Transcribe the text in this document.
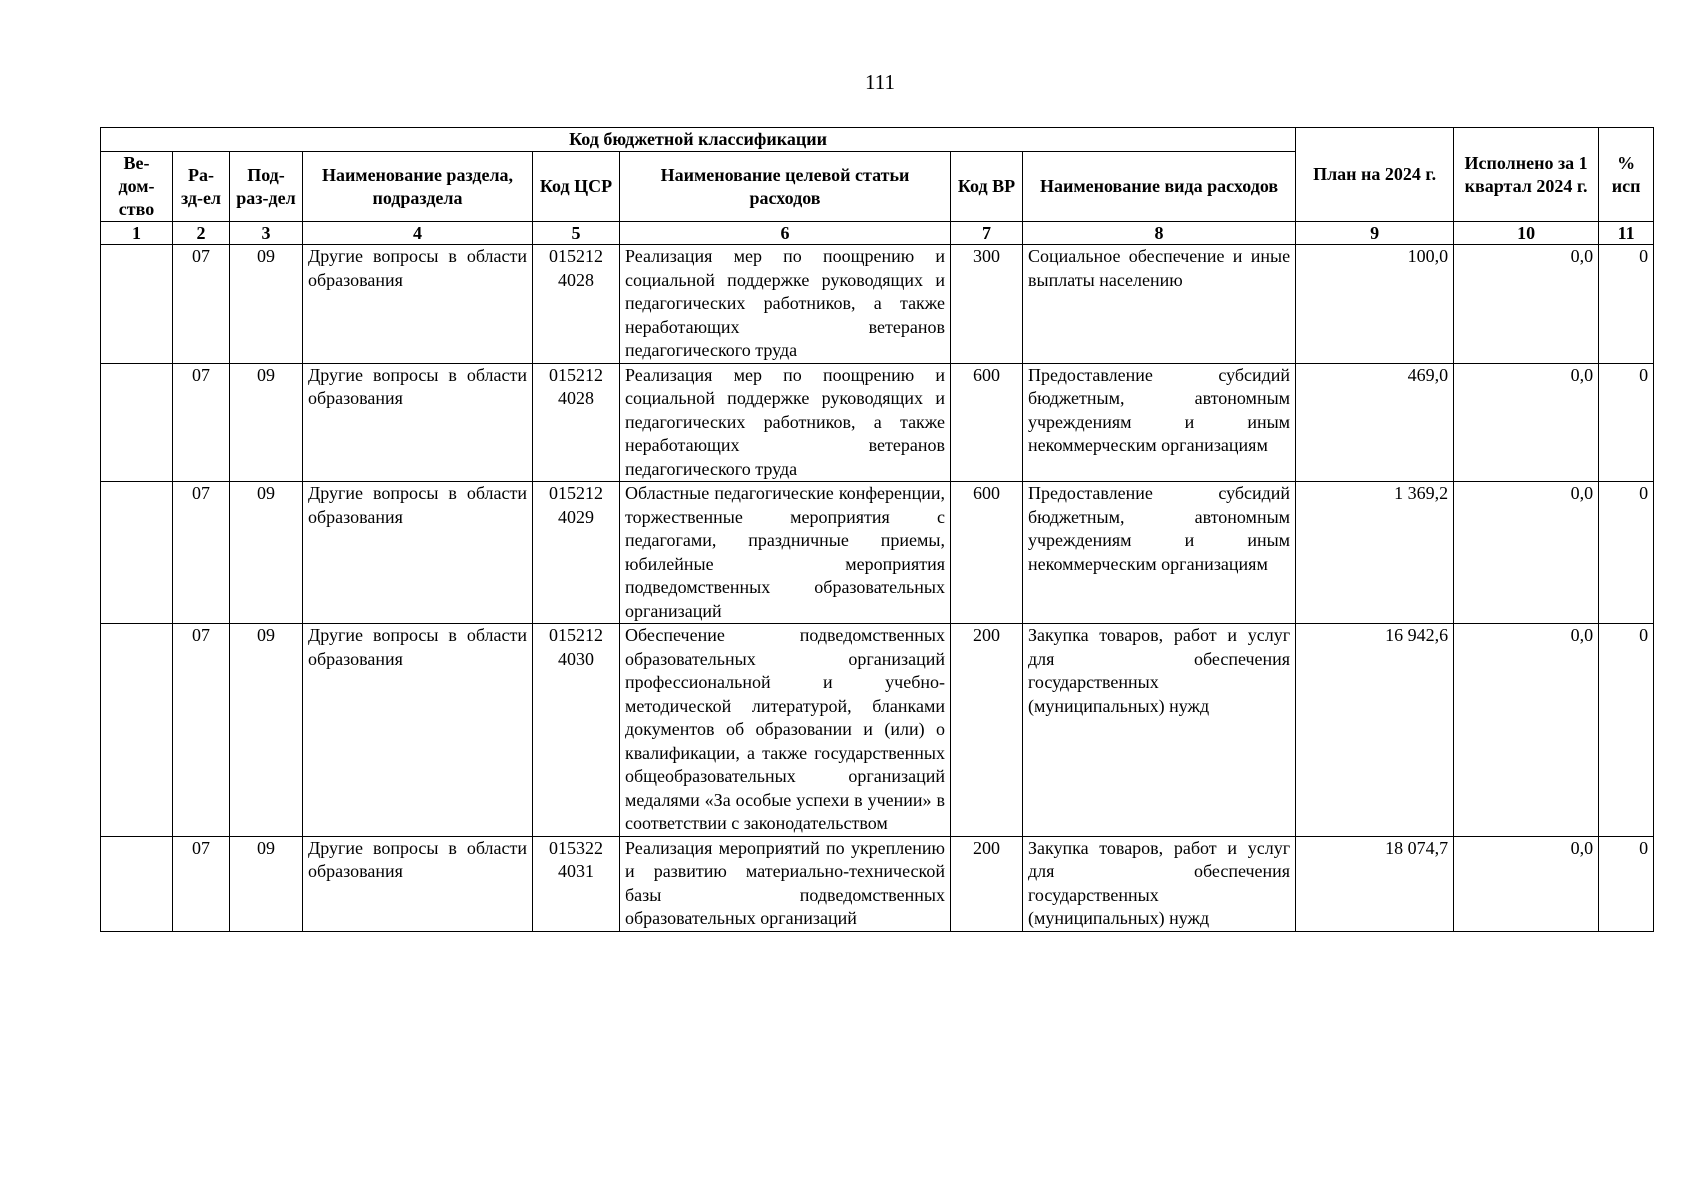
111
Код бюджетной классификации								План на 2024 г.	Исполнено за 1 квартал 2024 г.	% исп
Ве-дом-ство	Ра-зд-ел	Под-раз-дел	Наименование раздела, подраздела	Код ЦСР	Наименование целевой статьи расходов	Код ВР	Наименование вида расходов			
1	2	3	4	5	6	7	8	9	10	11
	07	09	Другие вопросы в области образования	015212 4028	Реализация мер по поощрению и социальной поддержке руководящих и педагогических работников, а также неработающих ветеранов педагогического труда	300	Социальное обеспечение и иные выплаты населению	100,0	0,0	0
	07	09	Другие вопросы в области образования	015212 4028	Реализация мер по поощрению и социальной поддержке руководящих и педагогических работников, а также неработающих ветеранов педагогического труда	600	Предоставление субсидий бюджетным, автономным учреждениям и иным некоммерческим организациям	469,0	0,0	0
	07	09	Другие вопросы в области образования	015212 4029	Областные педагогические конференции, торжественные мероприятия с педагогами, праздничные приемы, юбилейные мероприятия подведомственных образовательных организаций	600	Предоставление субсидий бюджетным, автономным учреждениям и иным некоммерческим организациям	1 369,2	0,0	0
	07	09	Другие вопросы в области образования	015212 4030	Обеспечение подведомственных образовательных организаций профессиональной и учебно-методической литературой, бланками документов об образовании и (или) о квалификации, а также государственных общеобразовательных организаций медалями «За особые успехи в учении» в соответствии с законодательством	200	Закупка товаров, работ и услуг для обеспечения государственных (муниципальных) нужд	16 942,6	0,0	0
	07	09	Другие вопросы в области образования	015322 4031	Реализация мероприятий по укреплению и развитию материально-технической базы подведомственных образовательных организаций	200	Закупка товаров, работ и услуг для обеспечения государственных (муниципальных) нужд	18 074,7	0,0	0
